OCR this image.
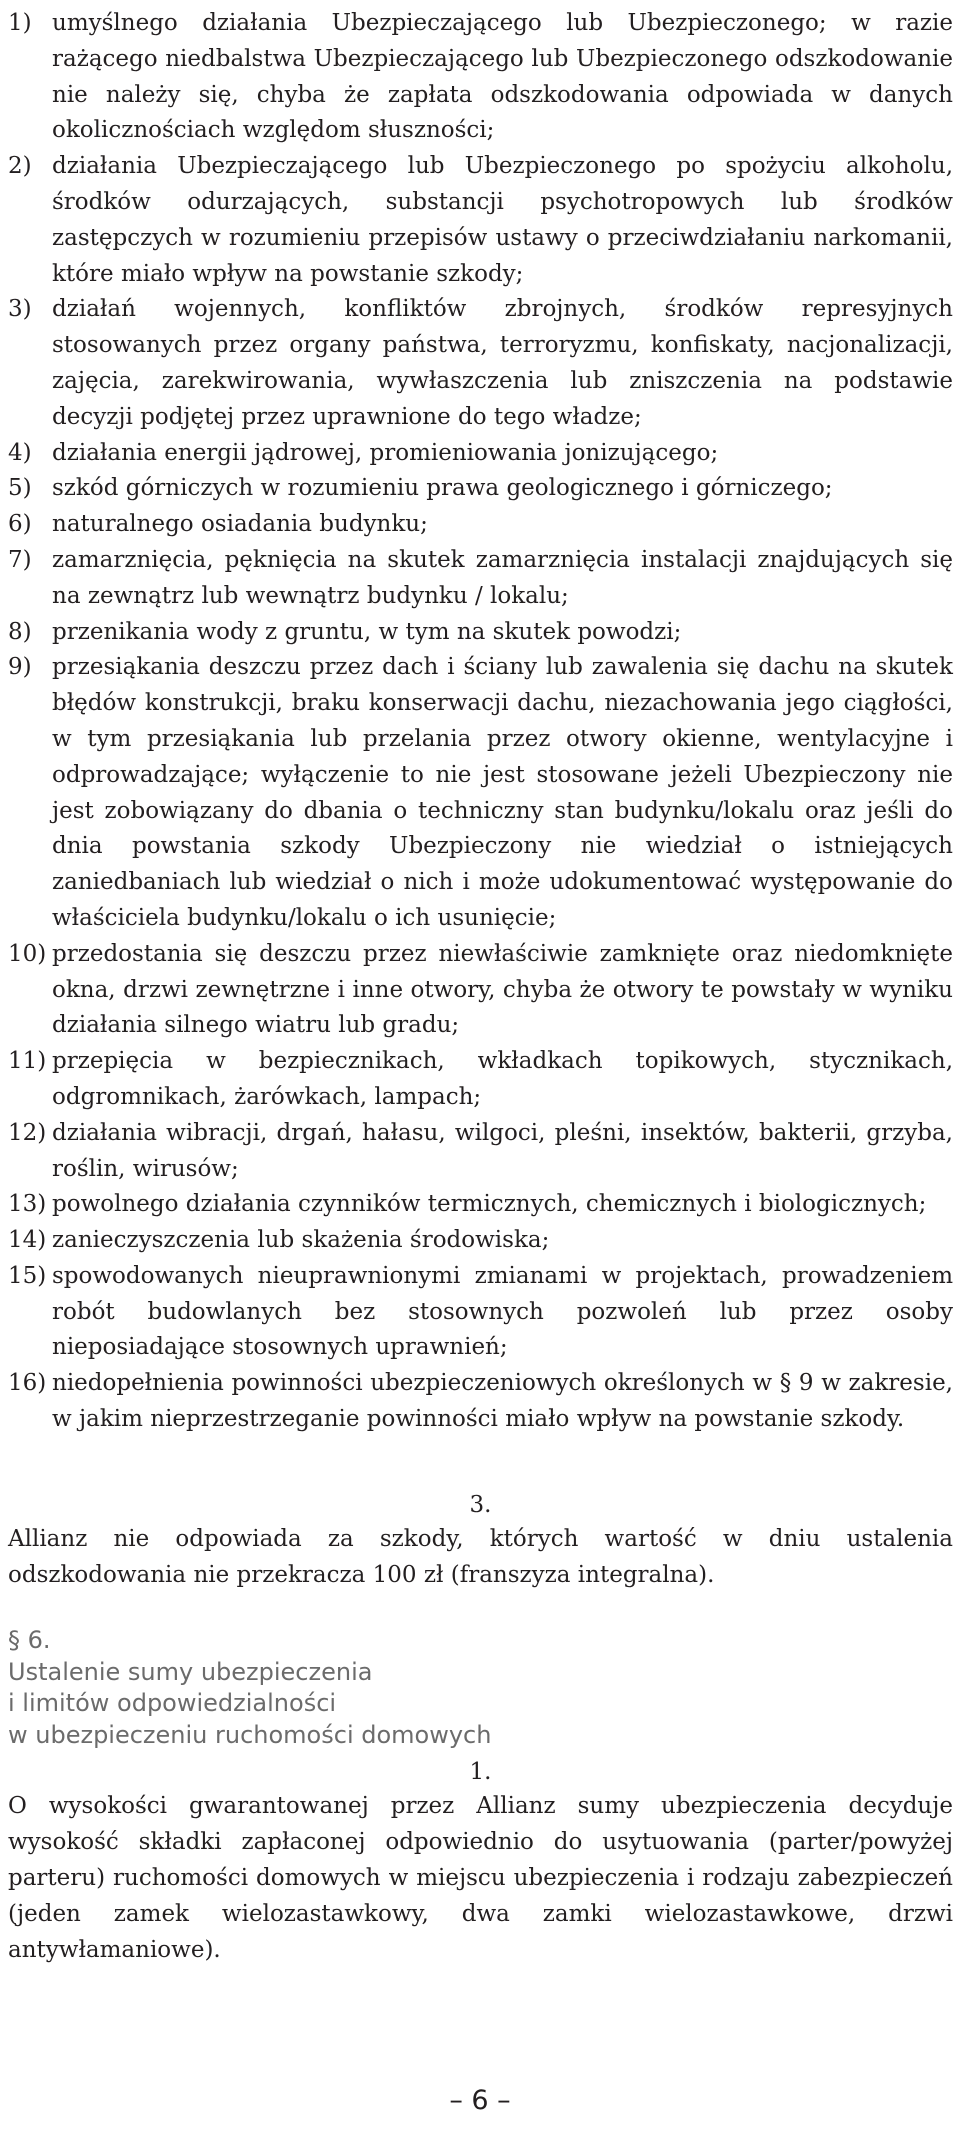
1) umyślnego działania Ubezpieczającego lub Ubezpieczonego; w razie rażącego niedbalstwa Ubezpieczającego lub Ubezpieczonego odszkodowanie nie należy się, chyba że zapłata odszkodowania odpowiada w danych okolicznościach względom słuszności;
2) działania Ubezpieczającego lub Ubezpieczonego po spożyciu alkoholu, środków odurzających, substancji psychotropowych lub środków zastępczych w rozumieniu przepisów ustawy o przeciwdziałaniu narkomanii, które miało wpływ na powstanie szkody;
3) działań wojennych, konfliktów zbrojnych, środków represyjnych stosowanych przez organy państwa, terroryzmu, konfiskaty, nacjonalizacji, zajęcia, zarekwirowania, wywłaszczenia lub zniszczenia na podstawie decyzji podjętej przez uprawnione do tego władze;
4) działania energii jądrowej, promieniowania jonizującego;
5) szkód górniczych w rozumieniu prawa geologicznego i górniczego;
6) naturalnego osiadania budynku;
7) zamarznięcia, pęknięcia na skutek zamarznięcia instalacji znajdujących się na zewnątrz lub wewnątrz budynku / lokalu;
8) przenikania wody z gruntu, w tym na skutek powodzi;
9) przesiąkania deszczu przez dach i ściany lub zawalenia się dachu na skutek błędów konstrukcji, braku konserwacji dachu, niezachowania jego ciągłości, w tym przesiąkania lub przelania przez otwory okienne, wentylacyjne i odprowadzające; wyłączenie to nie jest stosowane jeżeli Ubezpieczony nie jest zobowiązany do dbania o techniczny stan budynku/lokalu oraz jeśli do dnia powstania szkody Ubezpieczony nie wiedział o istniejących zaniedbaniach lub wiedział o nich i może udokumentować występowanie do właściciela budynku/lokalu o ich usunięcie;
10) przedostania się deszczu przez niewłaściwie zamknięte oraz niedomknięte okna, drzwi zewnętrzne i inne otwory, chyba że otwory te powstały w wyniku działania silnego wiatru lub gradu;
11) przepięcia w bezpiecznikach, wkładkach topikowych, stycznikach, odgromnikach, żarówkach, lampach;
12) działania wibracji, drgań, hałasu, wilgoci, pleśni, insektów, bakterii, grzyba, roślin, wirusów;
13) powolnego działania czynników termicznych, chemicznych i biologicznych;
14) zanieczyszczenia lub skażenia środowiska;
15) spowodowanych nieuprawnionymi zmianami w projektach, prowadzeniem robót budowlanych bez stosownych pozwoleń lub przez osoby nieposiadające stosownych uprawnień;
16) niedopełnienia powinności ubezpieczeniowych określonych w § 9 w zakresie, w jakim nieprzestrzeganie powinności miało wpływ na powstanie szkody.
3.

Allianz nie odpowiada za szkody, których wartość w dniu ustalenia odszkodowania nie przekracza 100 zł (franszyza integralna).

§ 6.
Ustalenie sumy ubezpieczenia
i limitów odpowiedzialności
w ubezpieczeniu ruchomości domowych
1.

O wysokości gwarantowanej przez Allianz sumy ubezpieczenia decyduje wysokość składki zapłaconej odpowiednio do usytuowania (parter/powyżej parteru) ruchomości domowych w miejscu ubezpieczenia i rodzaju zabezpieczeń (jeden zamek wielozastawkowy, dwa zamki wielozastawkowe, drzwi antywłamaniowe).

– 6 –
